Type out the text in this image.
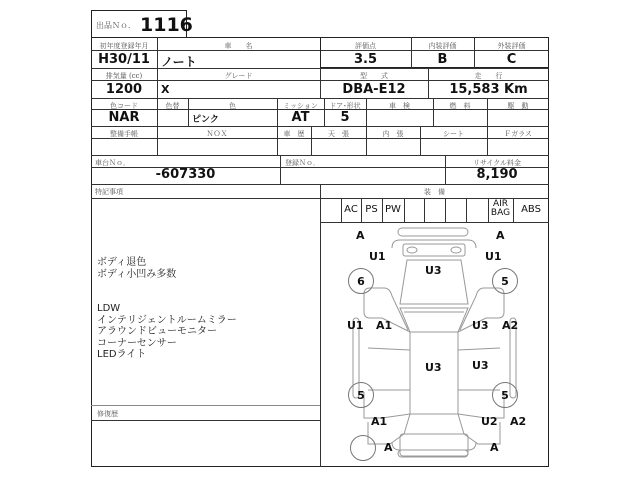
出品Ｎｏ． 1116
初年度登録年月
H30/11
車　　名
ノート
評価点
3.5
内装評価
B
外装評価
C
排気量 (cc)
1200
グレード
X
型　　式
DBA-E12
走　　行
15,583 Km
色コード
NAR
色替	色
ピンク
ミッション
AT
ドア･形状
5
車　検	燃　料	駆　動
整備手帳	ＮＯＸ	車　歴	天　張	内　張	シート	Ｆガラス
車台Ｎｏ．
-607330
登録Ｎｏ．	リサイクル料金
8,190
特記事項
ボディ退色
ボディ小凹み多数
LDW
インテリジェントルームミラー
アラウンドビューモニター
コーナーセンサー
LEDライト
修復歴
装　備
AC PS PW	AIR BAG	ABS
6	5
5	5
A	A
U1	U1
U3
U1 A1	U3 A2
U3	U3
A1	U2 A2
A	A
